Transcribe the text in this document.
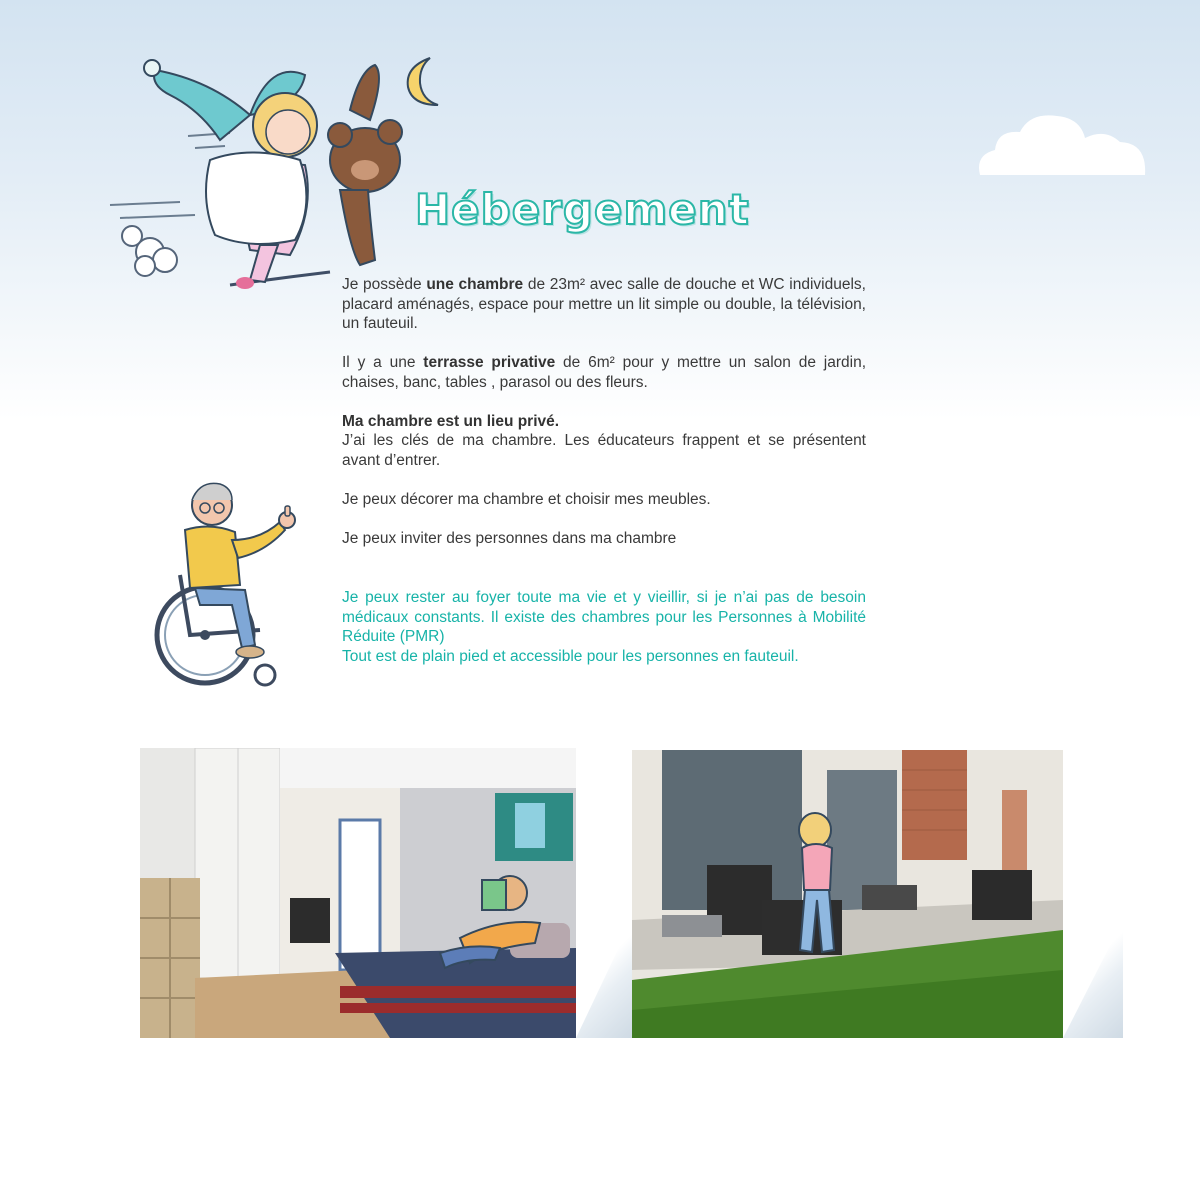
Hébergement

Je possède une chambre de 23m² avec salle de douche et WC individuels, placard aménagés, espace pour mettre un lit simple ou double, la télévision, un fauteuil.

Il y a une terrasse privative de 6m² pour y mettre un salon de jardin, chaises, banc, tables , parasol ou des fleurs.

Ma chambre est un lieu privé.
J’ai les clés de ma chambre. Les éducateurs frappent et se présentent avant d’entrer.

Je peux décorer ma chambre et choisir mes meubles.

Je peux inviter des personnes dans ma chambre

Je peux rester au foyer toute ma vie et y vieillir, si je n’ai pas de besoin médicaux constants. Il existe des chambres pour les Personnes à Mobilité Réduite (PMR)

Tout est de plain pied et accessible pour les personnes en fauteuil.
